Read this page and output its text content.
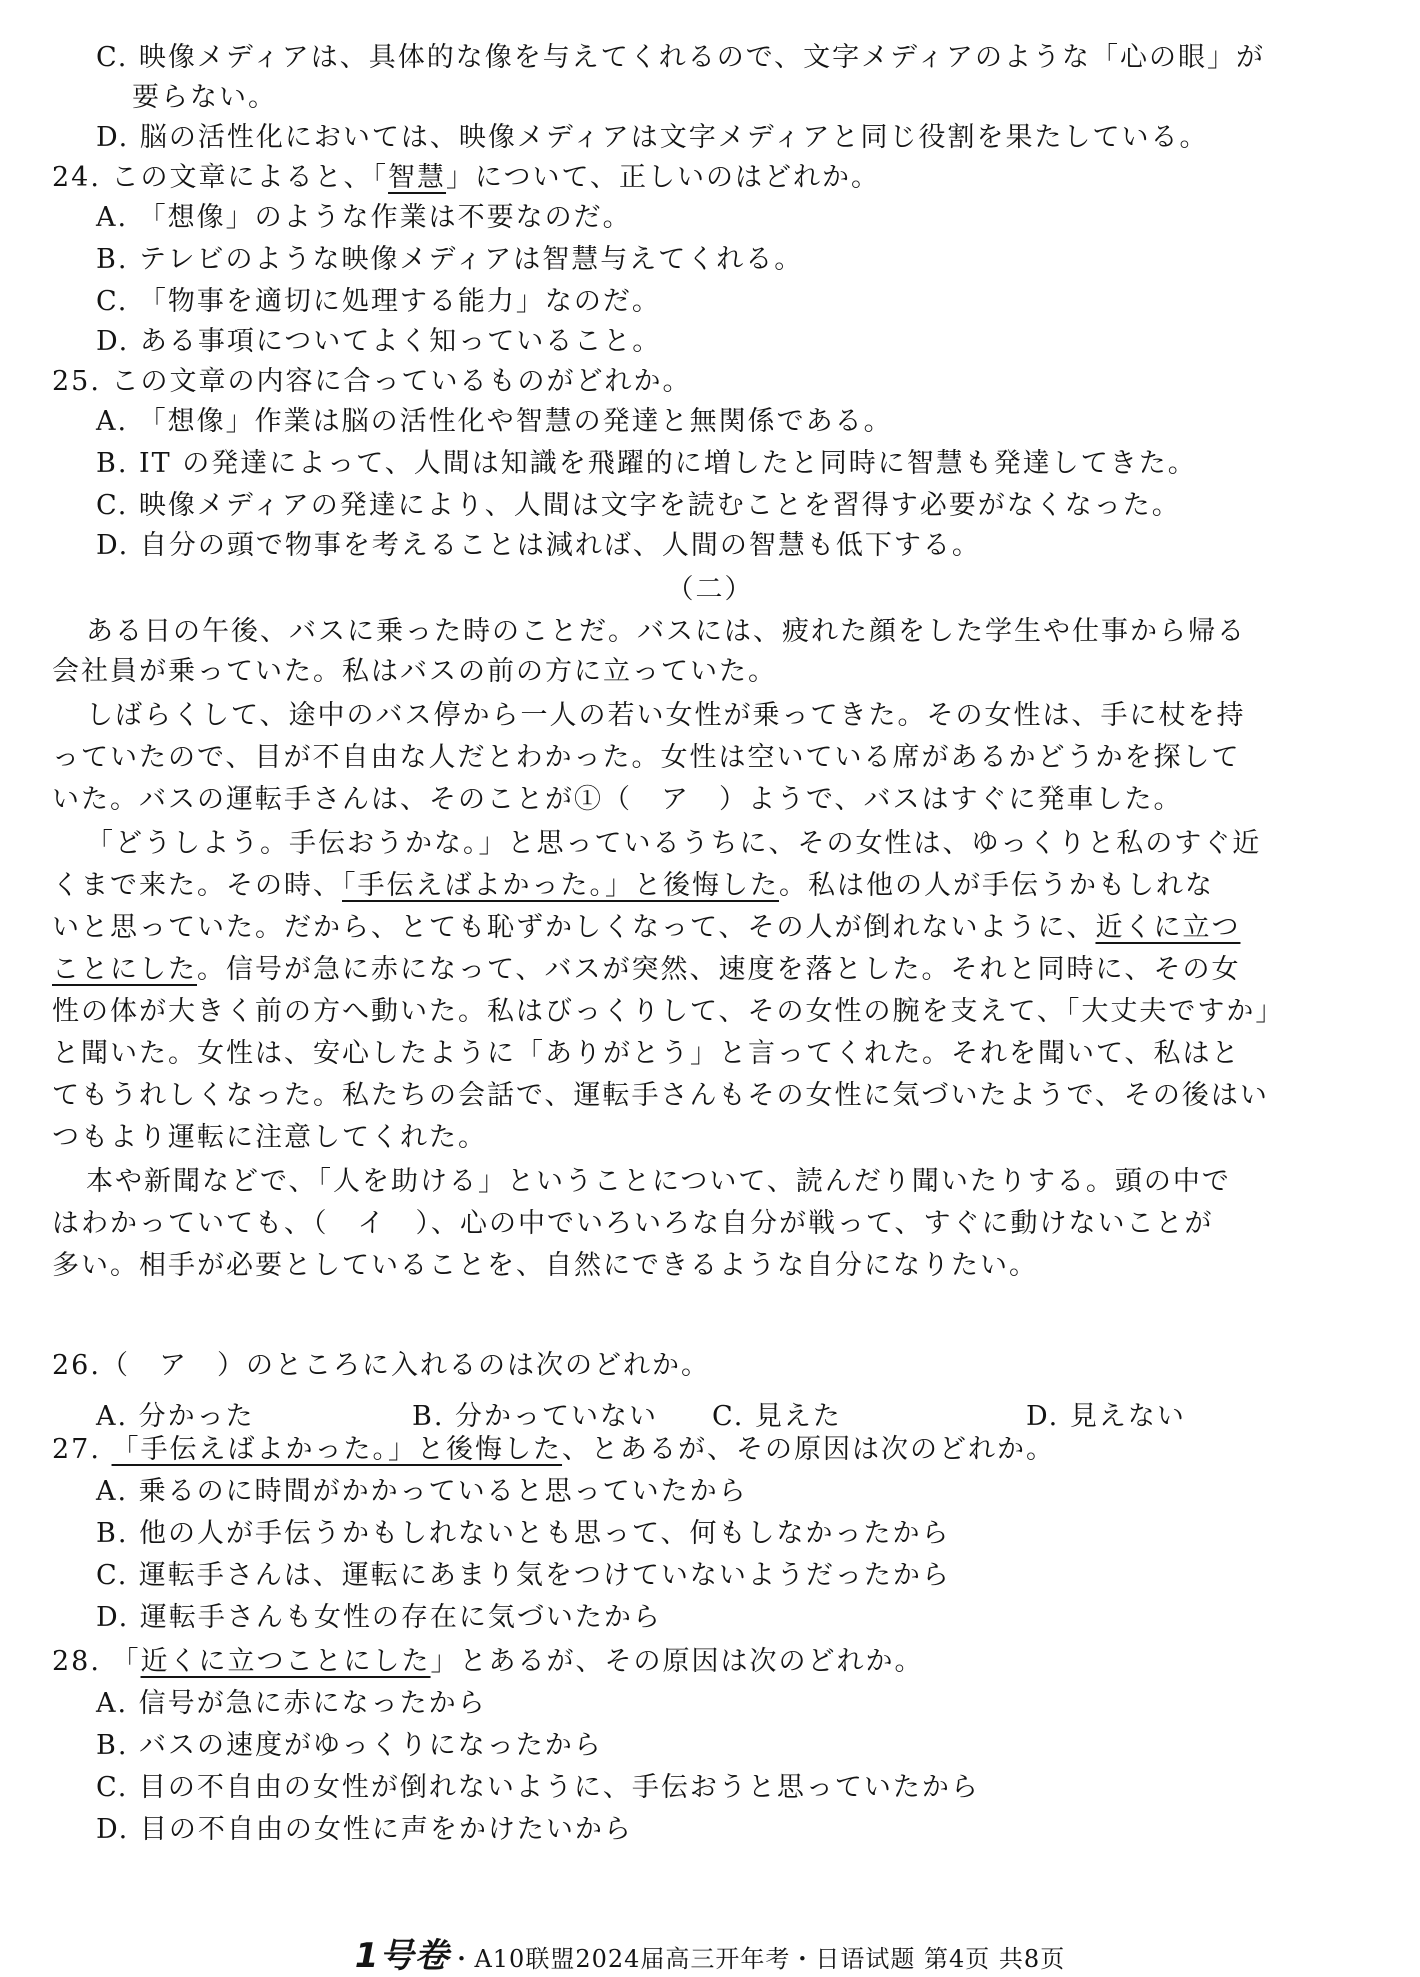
C. 映像メディアは、具体的な像を与えてくれるので、文字メディアのような「心の眼」が
要らない。
D. 脳の活性化においては、映像メディアは文字メディアと同じ役割を果たしている。
24. この文章によると、「智慧」について、正しいのはどれか。
A. 「想像」のような作業は不要なのだ。
B. テレビのような映像メディアは智慧与えてくれる。
C. 「物事を適切に処理する能力」なのだ。
D. ある事項についてよく知っていること。
25. この文章の内容に合っているものがどれか。
A. 「想像」作業は脳の活性化や智慧の発達と無関係である。
B. IT の発達によって、人間は知識を飛躍的に増したと同時に智慧も発達してきた。
C. 映像メディアの発達により、人間は文字を読むことを習得す必要がなくなった。
D. 自分の頭で物事を考えることは減れば、人間の智慧も低下する。
（二）
ある日の午後、バスに乗った時のことだ。バスには、疲れた顔をした学生や仕事から帰る
会社員が乗っていた。私はバスの前の方に立っていた。
しばらくして、途中のバス停から一人の若い女性が乗ってきた。その女性は、手に杖を持
っていたので、目が不自由な人だとわかった。女性は空いている席があるかどうかを探して
いた。バスの運転手さんは、そのことが①（　ア　）ようで、バスはすぐに発車した。
「どうしよう。手伝おうかな。」と思っているうちに、その女性は、ゆっくりと私のすぐ近
くまで来た。その時、「手伝えばよかった。」と後悔した。私は他の人が手伝うかもしれな
いと思っていた。だから、とても恥ずかしくなって、その人が倒れないように、近くに立つ
ことにした。信号が急に赤になって、バスが突然、速度を落とした。それと同時に、その女
性の体が大きく前の方へ動いた。私はびっくりして、その女性の腕を支えて、「大丈夫ですか」
と聞いた。女性は、安心したように「ありがとう」と言ってくれた。それを聞いて、私はと
てもうれしくなった。私たちの会話で、運転手さんもその女性に気づいたようで、その後はい
つもより運転に注意してくれた。
本や新聞などで、「人を助ける」ということについて、読んだり聞いたりする。頭の中で
はわかっていても、（　イ　）、心の中でいろいろな自分が戦って、すぐに動けないことが
多い。相手が必要としていることを、自然にできるような自分になりたい。
26.（　ア　）のところに入れるのは次のどれか。
A. 分かった	B. 分かっていない C. 見えた	D. 見えない
27. 「手伝えばよかった。」と後悔した、とあるが、その原因は次のどれか。
A. 乗るのに時間がかかっていると思っていたから
B. 他の人が手伝うかもしれないとも思って、何もしなかったから
C. 運転手さんは、運転にあまり気をつけていないようだったから
D. 運転手さんも女性の存在に気づいたから
28. 「近くに立つことにした」とあるが、その原因は次のどれか。
A. 信号が急に赤になったから
B. バスの速度がゆっくりになったから
C. 目の不自由の女性が倒れないように、手伝おうと思っていたから
D. 目の不自由の女性に声をかけたいから
1号卷・A10联盟2024届高三开年考・日语试题 第4页 共8页
